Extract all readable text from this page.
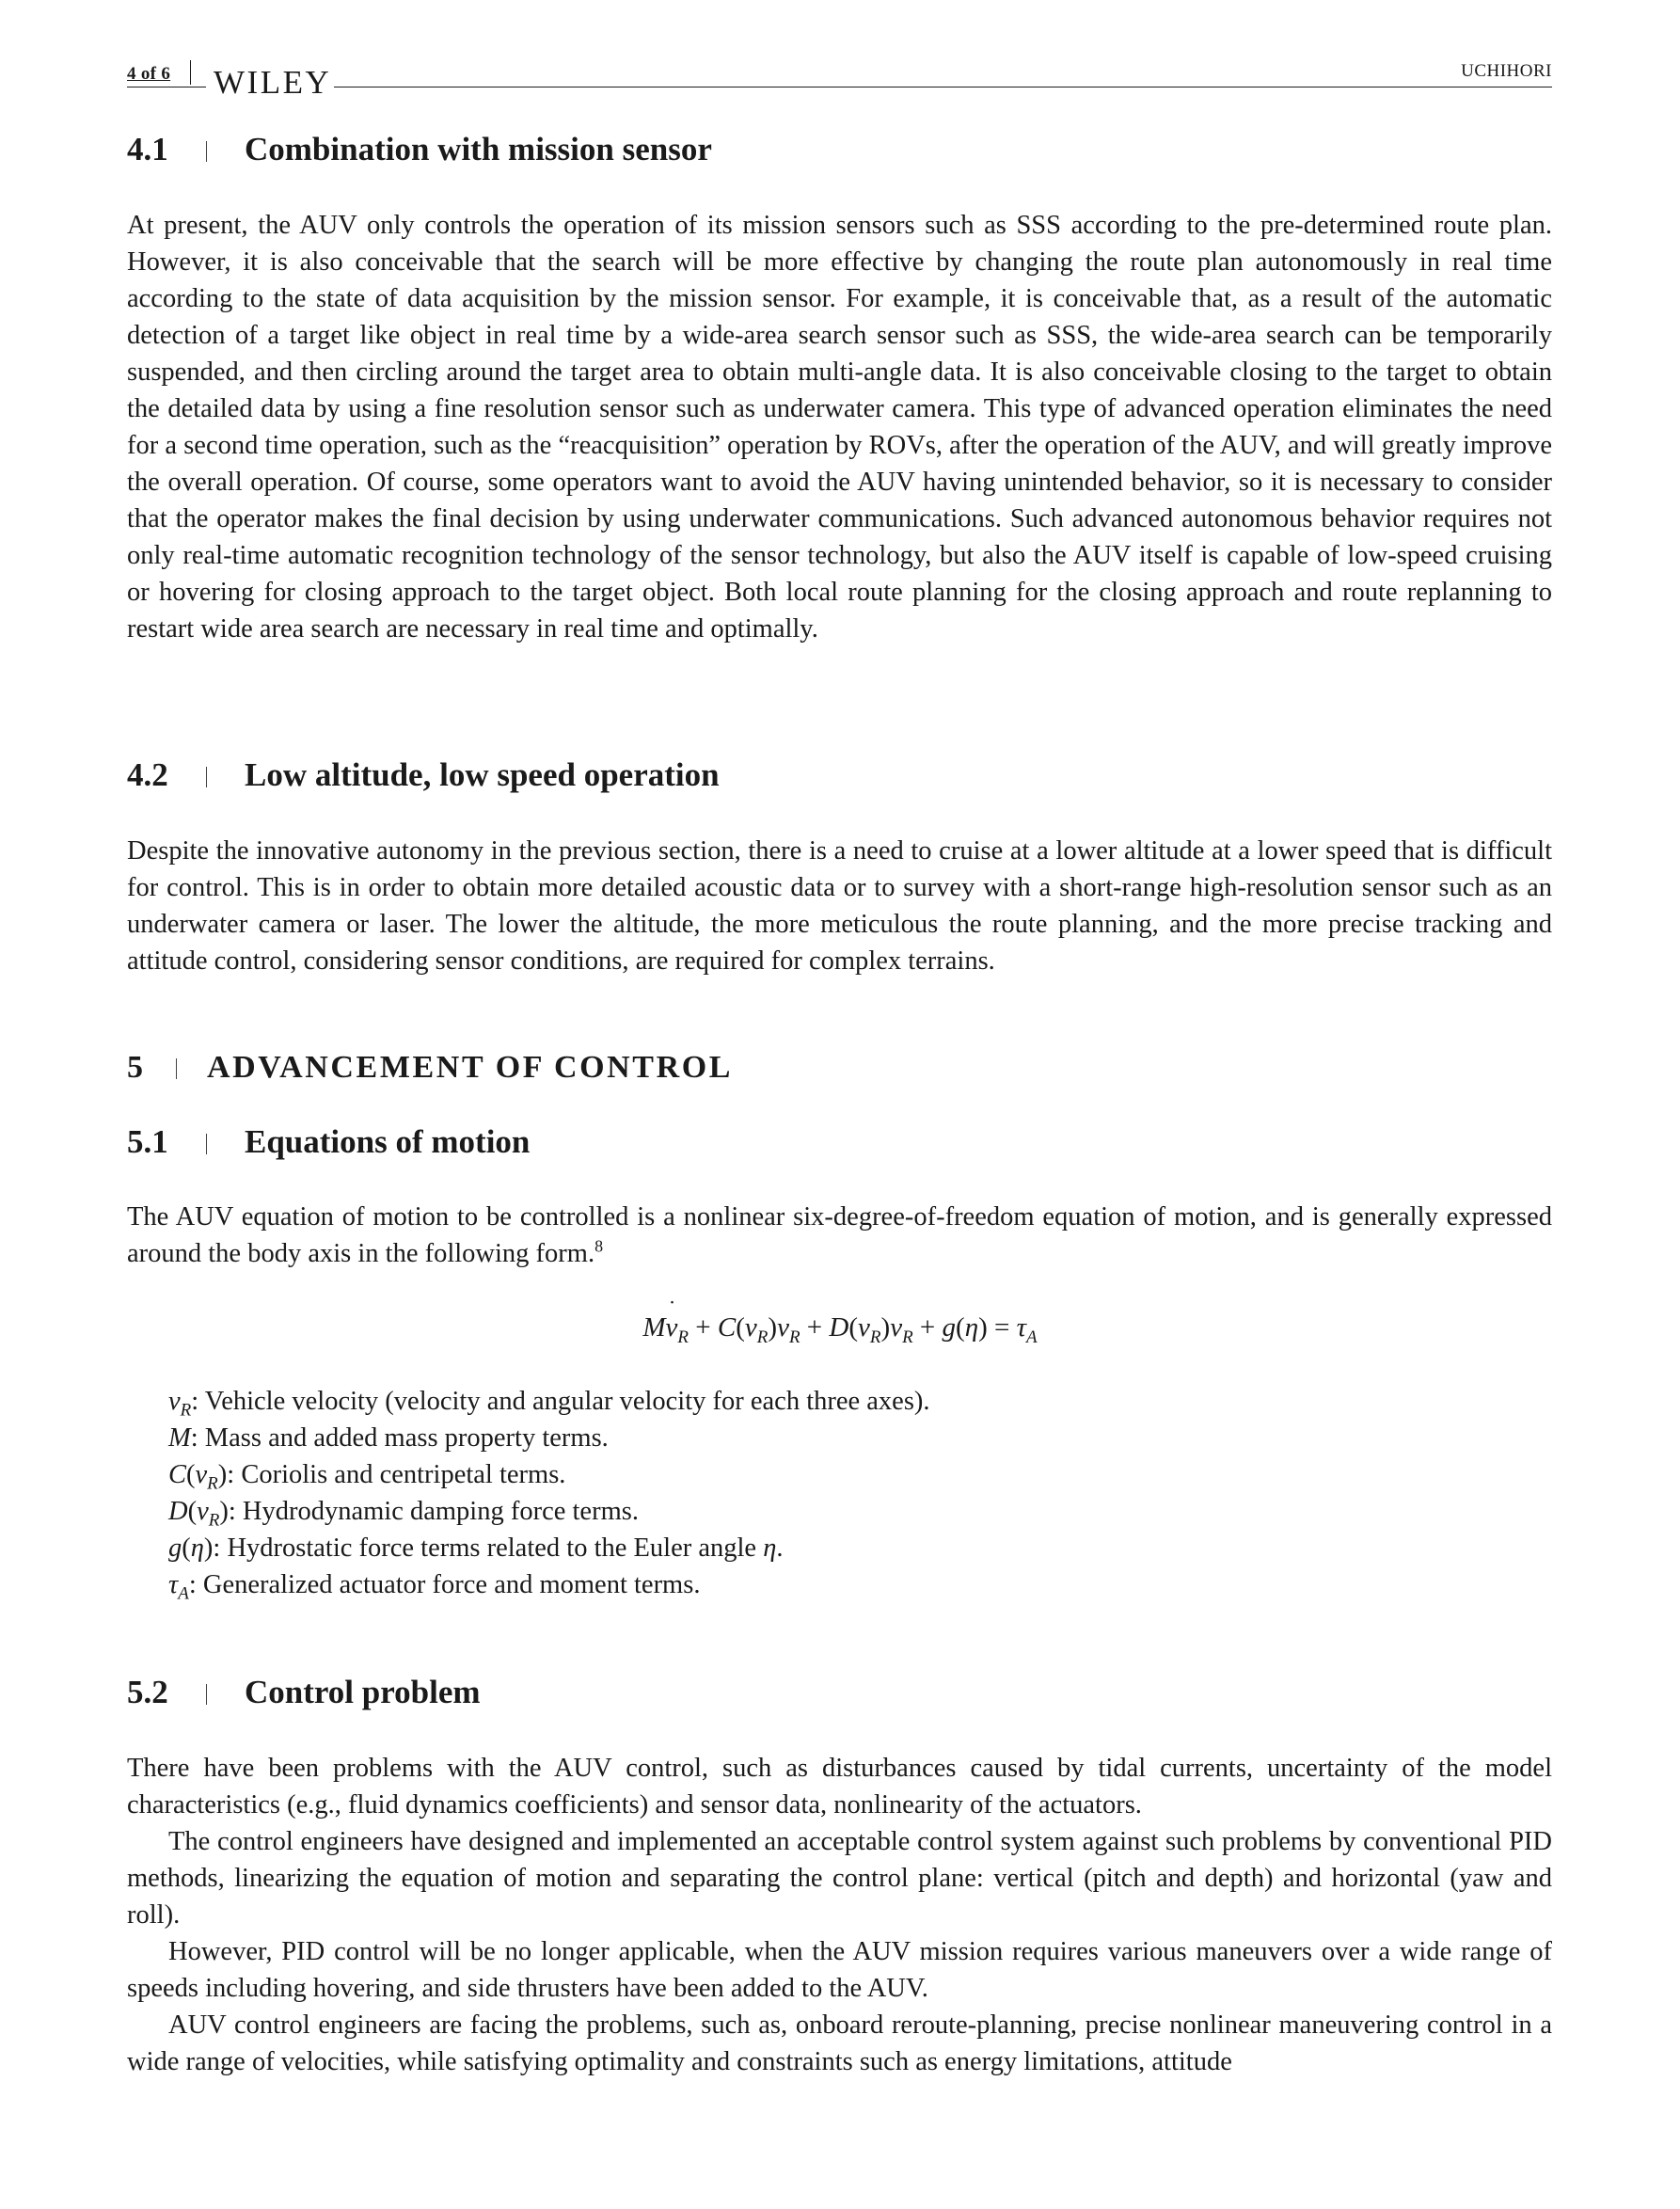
4 of 6 WILEY	UCHIHORI
4.1 Combination with mission sensor

At present, the AUV only controls the operation of its mission sensors such as SSS according to the pre-determined route plan. However, it is also conceivable that the search will be more effective by changing the route plan autonomously in real time according to the state of data acquisition by the mission sensor. For example, it is conceivable that, as a result of the automatic detection of a target like object in real time by a wide-area search sensor such as SSS, the wide-area search can be temporarily suspended, and then circling around the target area to obtain multi-angle data. It is also conceivable closing to the target to obtain the detailed data by using a fine resolution sensor such as underwater camera. This type of advanced operation eliminates the need for a second time operation, such as the “reacquisition” operation by ROVs, after the operation of the AUV, and will greatly improve the overall operation. Of course, some operators want to avoid the AUV having unintended behavior, so it is necessary to consider that the operator makes the final decision by using underwater communications. Such advanced autonomous behavior requires not only real-time automatic recognition technology of the sensor technology, but also the AUV itself is capable of low-speed cruising or hovering for closing approach to the target object. Both local route planning for the closing approach and route replanning to restart wide area search are necessary in real time and optimally.

4.2 Low altitude, low speed operation

Despite the innovative autonomy in the previous section, there is a need to cruise at a lower altitude at a lower speed that is difficult for control. This is in order to obtain more detailed acoustic data or to survey with a short-range high-resolution sensor such as an underwater camera or laser. The lower the altitude, the more meticulous the route planning, and the more precise tracking and attitude control, considering sensor conditions, are required for complex terrains.

5 ADVANCEMENT OF CONTROL
5.1 Equations of motion

The AUV equation of motion to be controlled is a nonlinear six-degree-of-freedom equation of motion, and is generally expressed around the body axis in the following form.$^8$

Mv $˙_R + C(v_R)v_R + D(v_R)v_R + g(\eta) = \tau_A$
$v_R$: Vehicle velocity (velocity and angular velocity for each three axes).
M: Mass and added mass property terms.
$C(v_R)$: Coriolis and centripetal terms.
$D(v_R)$: Hydrodynamic damping force terms.
g(η): Hydrostatic force terms related to the Euler angle η.
$\tau_A$: Generalized actuator force and moment terms.
5.2 Control problem

There have been problems with the AUV control, such as disturbances caused by tidal currents, uncertainty of the model characteristics (e.g., fluid dynamics coefficients) and sensor data, nonlinearity of the actuators.

The control engineers have designed and implemented an acceptable control system against such problems by conventional PID methods, linearizing the equation of motion and separating the control plane: vertical (pitch and depth) and horizontal (yaw and roll).

However, PID control will be no longer applicable, when the AUV mission requires various maneuvers over a wide range of speeds including hovering, and side thrusters have been added to the AUV.

AUV control engineers are facing the problems, such as, onboard reroute-planning, precise nonlinear maneuvering control in a wide range of velocities, while satisfying optimality and constraints such as energy limitations, attitude
